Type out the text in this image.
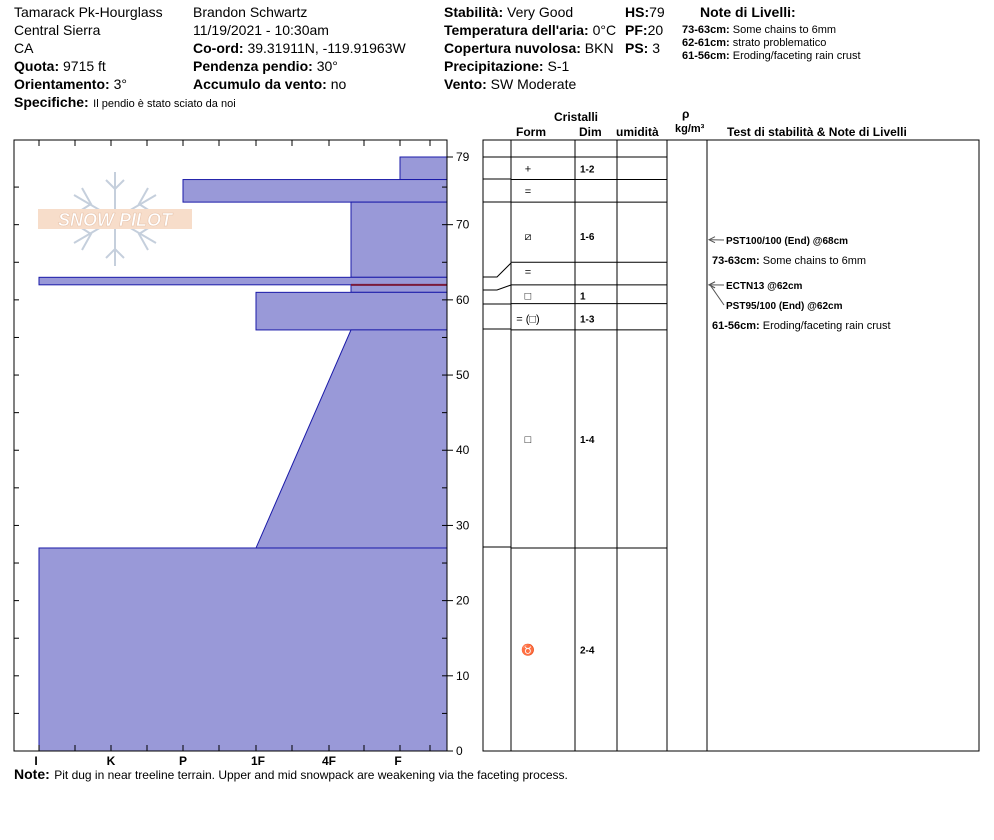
Tamarack Pk-Hourglass
Central Sierra
CA
Quota: 9715 ft
Orientamento: 3°
Specifiche: Il pendio è stato sciato da noi
Brandon Schwartz
11/19/2021 - 10:30am
Co-ord: 39.31911N, -119.91963W
Pendenza pendio: 30°
Accumulo da vento: no
Stabilità: Very Good
Temperatura dell'aria: 0°C
Copertura nuvolosa: BKN
Precipitazione: S-1
Vento: SW Moderate
HS:79
PF:20
PS: 3
Note di Livelli:
73-63cm: Some chains to 6mm
62-61cm: strato problematico
61-56cm: Eroding/faceting rain crust
Cristalli
Form	Dim umidità
ρ
kg/m³ Test di stabilità & Note di Livelli
SNOW PILOT
0
10
20
30
40
50
60
70
79
I	K	P	1F	4F	F
+	1-2
=
⧄	1-6
=
□	1
= (□)	1-3
□	1-4
♉	2-4
PST100/100 (End) @68cm
ECTN13 @62cm
PST95/100 (End) @62cm
73-63cm: Some chains to 6mm
61-56cm: Eroding/faceting rain crust
Note: Pit dug in near treeline terrain. Upper and mid snowpack are weakening via the faceting process.
